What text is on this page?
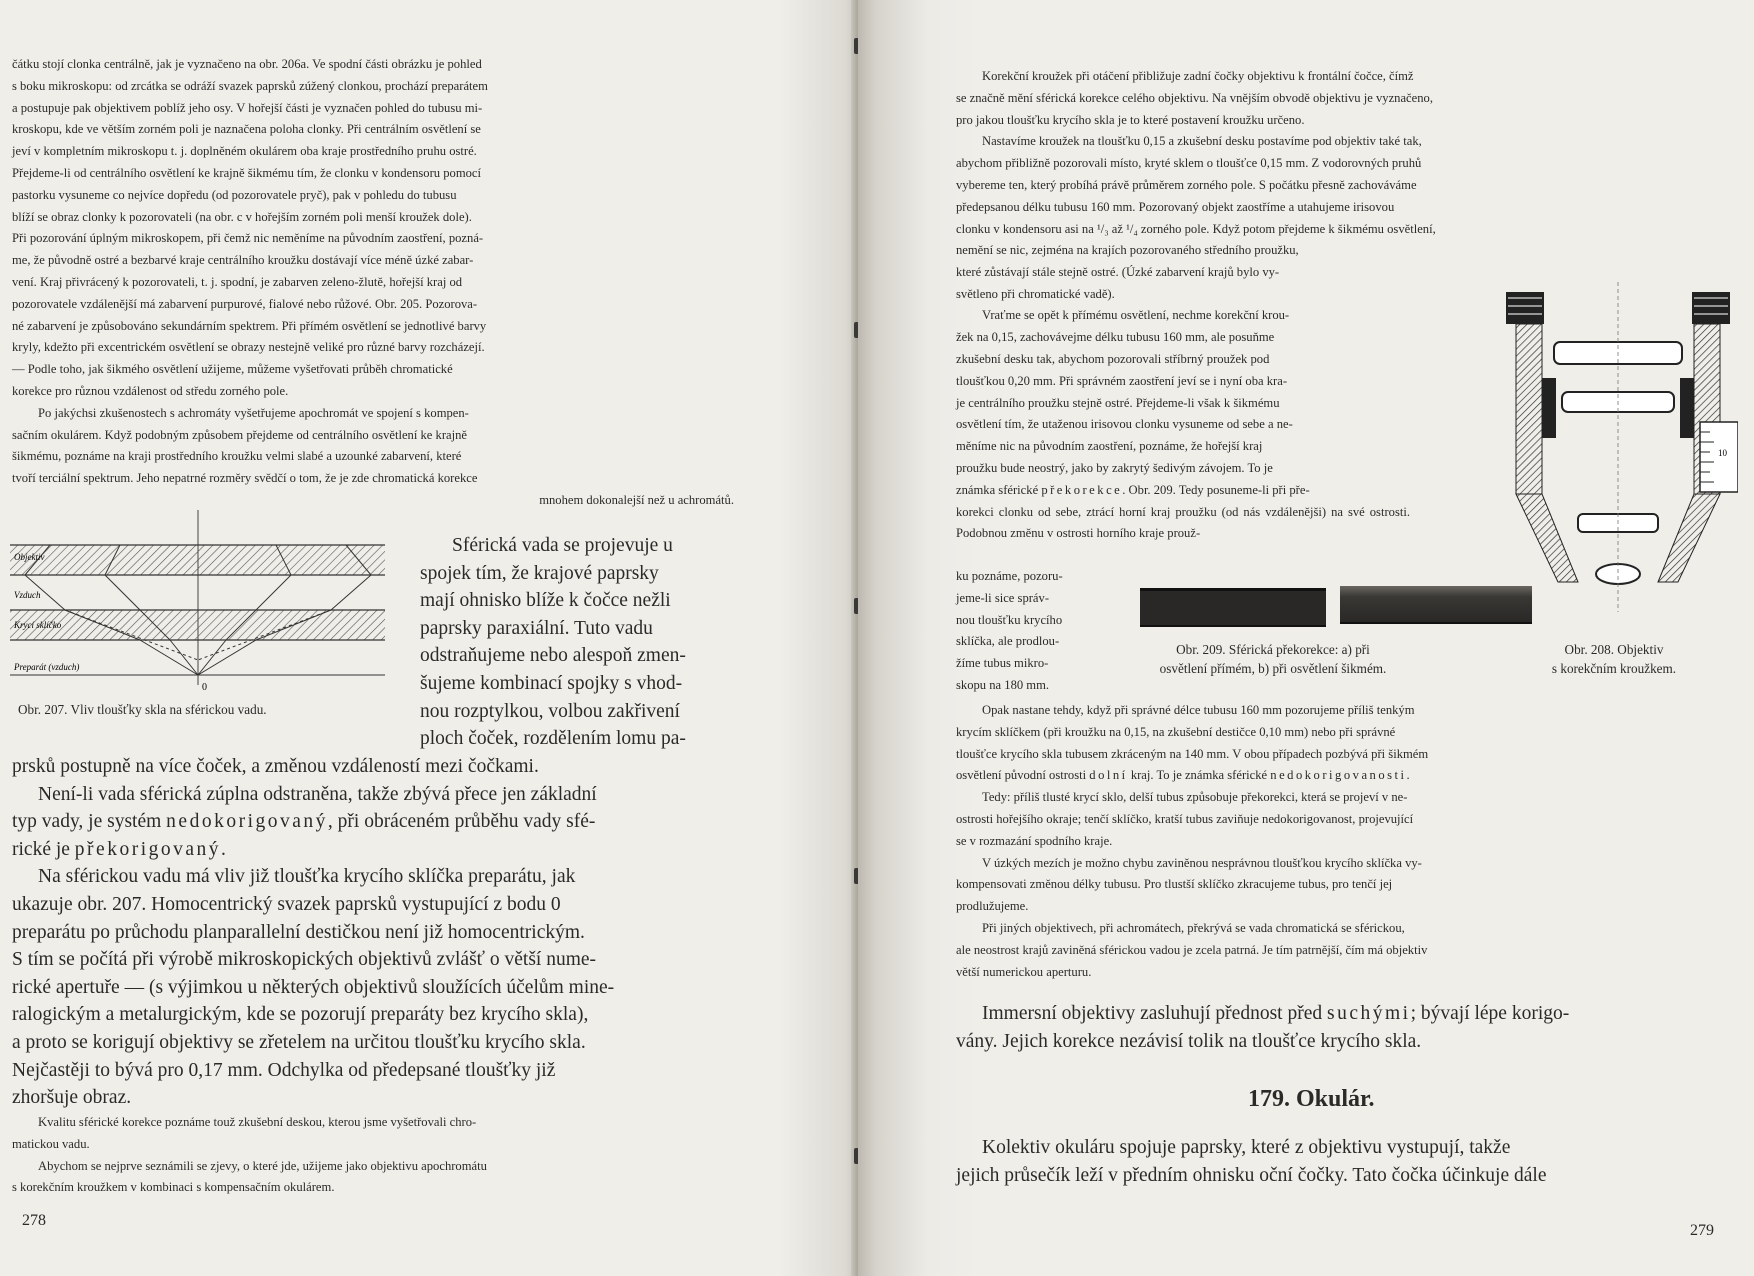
čátku stojí clonka centrálně, jak je vyznačeno na obr. 206a. Ve spodní části obrázku je pohled

s boku mikroskopu: od zrcátka se odráží svazek paprsků zúžený clonkou, prochází preparátem

a postupuje pak objektivem poblíž jeho osy. V hořejší části je vyznačen pohled do tubusu mi-

kroskopu, kde ve větším zorném poli je naznačena poloha clonky. Při centrálním osvětlení se

jeví v kompletním mikroskopu t. j. doplněném okulárem oba kraje prostředního pruhu ostré.

Přejdeme-li od centrálního osvětlení ke krajně šikmému tím, že clonku v kondensoru pomocí

pastorku vysuneme co nejvíce dopředu (od pozorovatele pryč), pak v pohledu do tubusu

blíží se obraz clonky k pozorovateli (na obr. c v hořejším zorném poli menší kroužek dole).

Při pozorování úplným mikroskopem, při čemž nic neměníme na původním zaostření, pozná-

me, že původně ostré a bezbarvé kraje centrálního kroužku dostávají více méně úzké zabar-

vení. Kraj přivrácený k pozorovateli, t. j. spodní, je zabarven zeleno-žlutě, hořejší kraj od

pozorovatele vzdálenější má zabarvení purpurové, fialové nebo růžové. Obr. 205. Pozorova-

né zabarvení je způsobováno sekundárním spektrem. Při přímém osvětlení se jednotlivé barvy

kryly, kdežto při excentrickém osvětlení se obrazy nestejně veliké pro různé barvy rozcházejí.

— Podle toho, jak šikmého osvětlení užijeme, můžeme vyšetřovati průběh chromatické

korekce pro různou vzdálenost od středu zorného pole.

Po jakýchsi zkušenostech s achromáty vyšetřujeme apochromát ve spojení s kompen-

sačním okulárem. Když podobným způsobem přejdeme od centrálního osvětlení ke krajně

šikmému, poznáme na kraji prostředního kroužku velmi slabé a uzounké zabarvení, které

tvoří terciální spektrum. Jeho nepatrné rozměry svědčí o tom, že je zde chromatická korekce

mnohem dokonalejší než u achromátů.

Objektiv
Vzduch
Krycí sklíčko
Preparát (vzduch)
0
Obr. 207. Vliv tloušťky skla na sférickou vadu.

Sférická vada se projevuje u

spojek tím, že krajové paprsky

mají ohnisko blíže k čočce nežli

paprsky paraxiální. Tuto vadu

odstraňujeme nebo alespoň zmen-

šujeme kombinací spojky s vhod-

nou rozptylkou, volbou zakřivení

ploch čoček, rozdělením lomu pa-

prsků postupně na více čoček, a změnou vzdáleností mezi čočkami.

Není-li vada sférická zúplna odstraněna, takže zbývá přece jen základní

typ vady, je systém nedokorigovaný, při obráceném průběhu vady sfé-

rické je překorigovaný.

Na sférickou vadu má vliv již tloušťka krycího sklíčka preparátu, jak

ukazuje obr. 207. Homocentrický svazek paprsků vystupující z bodu 0

preparátu po průchodu planparallelní destičkou není již homocentrickým.

S tím se počítá při výrobě mikroskopických objektivů zvlášť o větší nume-

rické apertuře — (s výjimkou u některých objektivů sloužících účelům mine-

ralogickým a metalurgickým, kde se pozorují preparáty bez krycího skla),

a proto se korigují objektivy se zřetelem na určitou tloušťku krycího skla.

Nejčastěji to bývá pro 0,17 mm. Odchylka od předepsané tloušťky již

zhoršuje obraz.

Kvalitu sférické korekce poznáme touž zkušební deskou, kterou jsme vyšetřovali chro-

matickou vadu.

Abychom se nejprve seznámili se zjevy, o které jde, užijeme jako objektivu apochromátu

s korekčním kroužkem v kombinaci s kompensačním okulárem.

278

Korekční kroužek při otáčení přibližuje zadní čočky objektivu k frontální čočce, čímž

se značně mění sférická korekce celého objektivu. Na vnějším obvodě objektivu je vyznačeno,

pro jakou tloušťku krycího skla je to které postavení kroužku určeno.

Nastavíme kroužek na tloušťku 0,15 a zkušební desku postavíme pod objektiv také tak,

abychom přibližně pozorovali místo, kryté sklem o tloušťce 0,15 mm. Z vodorovných pruhů

vybereme ten, který probíhá právě průměrem zorného pole. S počátku přesně zachováváme

předepsanou délku tubusu 160 mm. Pozorovaný objekt zaostříme a utahujeme irisovou

clonku v kondensoru asi na ¹/₃ až ¹/₄ zorného pole. Když potom přejdeme k šikmému osvětlení,

nemění se nic, zejména na krajích pozorovaného středního proužku,

které zůstávají stále stejně ostré. (Úzké zabarvení krajů bylo vy-

světleno při chromatické vadě).

Vraťme se opět k přímému osvětlení, nechme korekční krou-

žek na 0,15, zachovávejme délku tubusu 160 mm, ale posuňme

zkušební desku tak, abychom pozorovali stříbrný proužek pod

tloušťkou 0,20 mm. Při správném zaostření jeví se i nyní oba kra-

je centrálního proužku stejně ostré. Přejdeme-li však k šikmému

osvětlení tím, že utaženou irisovou clonku vysuneme od sebe a ne-

měníme nic na původním zaostření, poznáme, že hořejší kraj

proužku bude neostrý, jako by zakrytý šedivým závojem. To je

známka sférické překorekce. Obr. 209. Tedy posuneme-li při pře-

korekci clonku od sebe, ztrácí horní kraj proužku (od nás vzdálenějši) na své ostrosti. Podobnou změnu v ostrosti horního kraje prouž-

ku poznáme, pozoru-

jeme-li sice správ-

nou tloušťku krycího

sklíčka, ale prodlou-

žíme tubus mikro-

skopu na 180 mm.

Obr. 209. Sférická překorekce: a) při
osvětlení přímém, b) při osvětlení šikmém.
10
Obr. 208. Objektiv
s korekčním kroužkem.

Opak nastane tehdy, když při správné délce tubusu 160 mm pozorujeme příliš tenkým

krycím sklíčkem (při kroužku na 0,15, na zkušební destičce 0,10 mm) nebo při správné

tloušťce krycího skla tubusem zkráceným na 140 mm. V obou případech pozbývá při šikmém

osvětlení původní ostrosti dolní kraj. To je známka sférické nedokorigovanosti.

Tedy: příliš tlusté krycí sklo, delší tubus způsobuje překorekci, která se projeví v ne-

ostrosti hořejšího okraje; tenčí sklíčko, kratší tubus zaviňuje nedokorigovanost, projevující

se v rozmazání spodního kraje.

V úzkých mezích je možno chybu zaviněnou nesprávnou tloušťkou krycího sklíčka vy-

kompensovati změnou délky tubusu. Pro tlustší sklíčko zkracujeme tubus, pro tenčí jej

prodlužujeme.

Při jiných objektivech, při achromátech, překrývá se vada chromatická se sférickou,

ale neostrost krajů zaviněná sférickou vadou je zcela patrná. Je tím patrnější, čím má objektiv

větší numerickou aperturu.

Immersní objektivy zasluhují přednost před suchými; bývají lépe korigo-

vány. Jejich korekce nezávisí tolik na tloušťce krycího skla.

179. Okulár.

Kolektiv okuláru spojuje paprsky, které z objektivu vystupují, takže

jejich průsečík leží v předním ohnisku oční čočky. Tato čočka účinkuje dále

279
